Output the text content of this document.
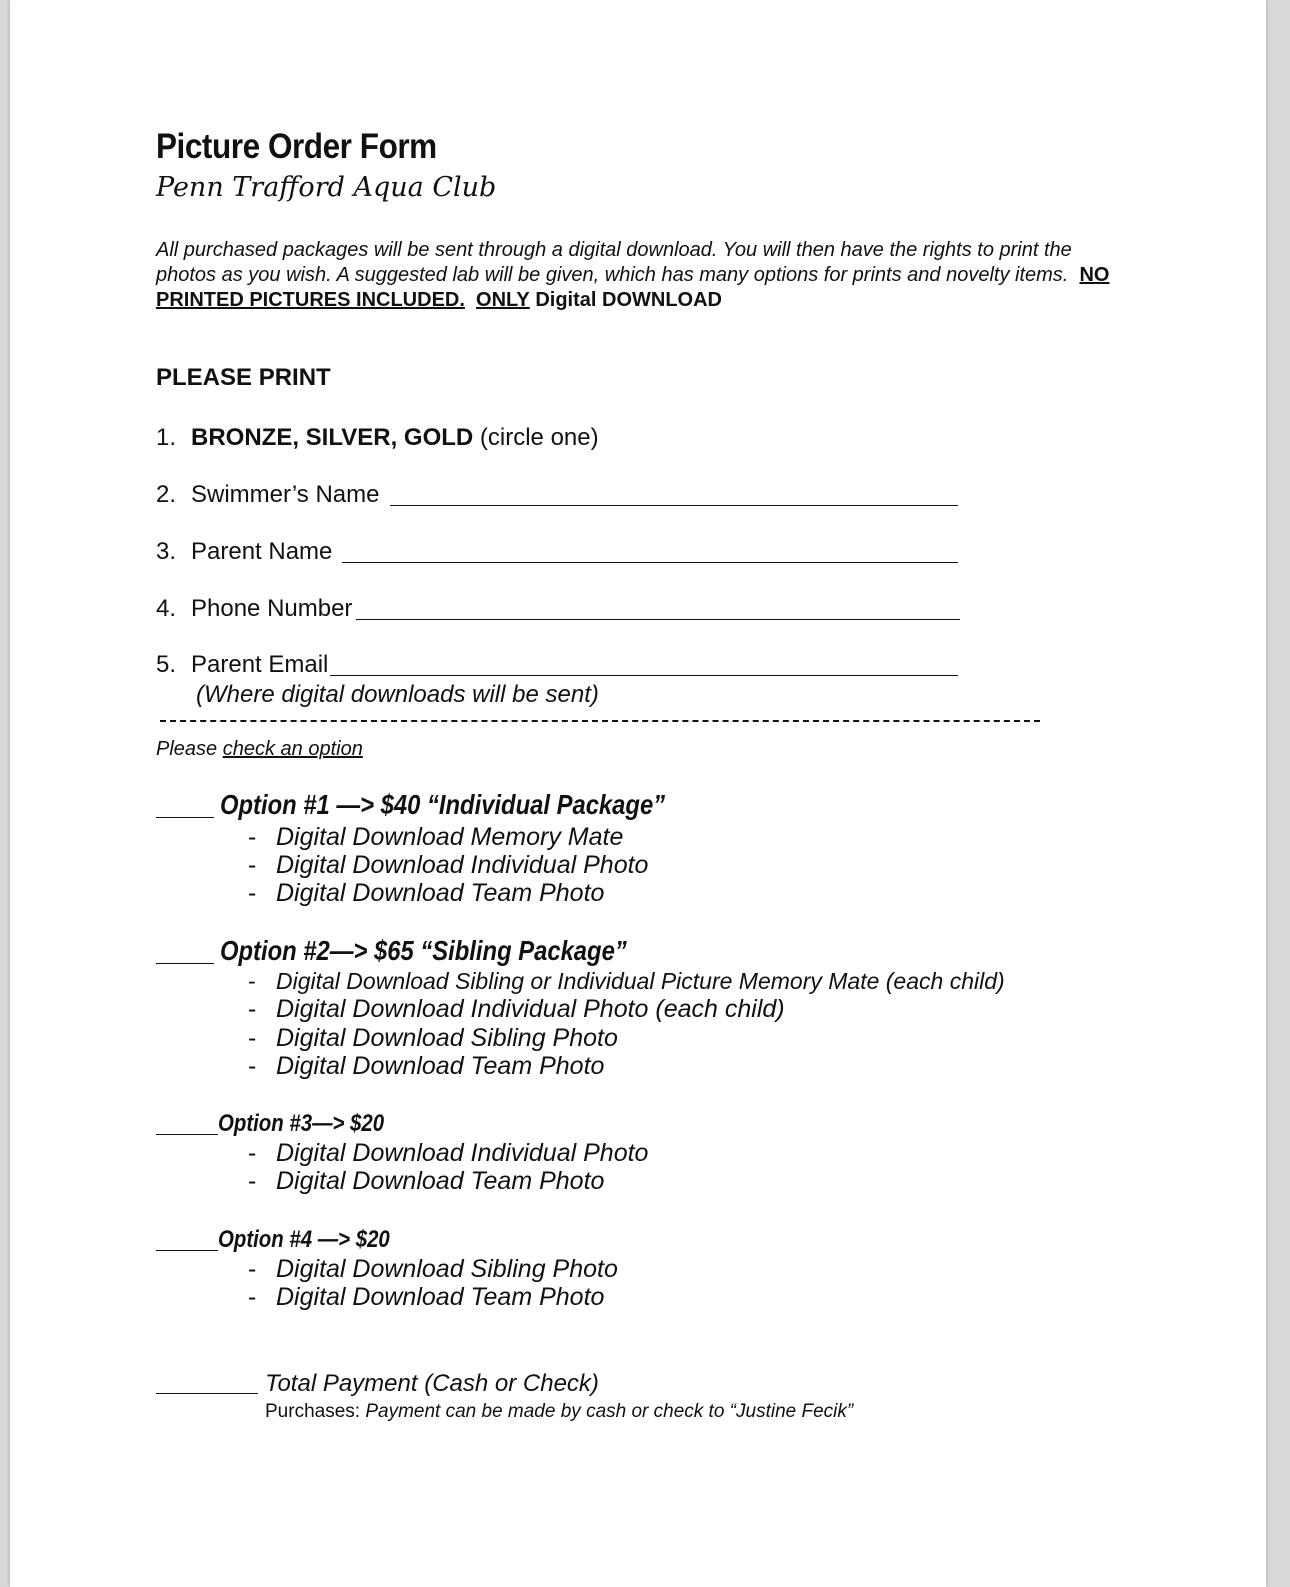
Picture Order Form
Penn Trafford Aqua Club
All purchased packages will be sent through a digital download. You will then have the rights to print the photos as you wish. A suggested lab will be given, which has many options for prints and novelty items. NO PRINTED PICTURES INCLUDED. ONLY Digital DOWNLOAD
PLEASE PRINT
1. BRONZE, SILVER, GOLD (circle one)
2. Swimmer’s Name
3. Parent Name
4. Phone Number
5. Parent Email
(Where digital downloads will be sent)
Please check an option
Option #1 —> $40 “Individual Package”
- Digital Download Memory Mate
- Digital Download Individual Photo
- Digital Download Team Photo
Option #2—> $65 “Sibling Package”
- Digital Download Sibling or Individual Picture Memory Mate (each child)
- Digital Download Individual Photo (each child)
- Digital Download Sibling Photo
- Digital Download Team Photo
Option #3—> $20
- Digital Download Individual Photo
- Digital Download Team Photo
Option #4 —> $20
- Digital Download Sibling Photo
- Digital Download Team Photo
Total Payment (Cash or Check)
Purchases: Payment can be made by cash or check to “Justine Fecik”
